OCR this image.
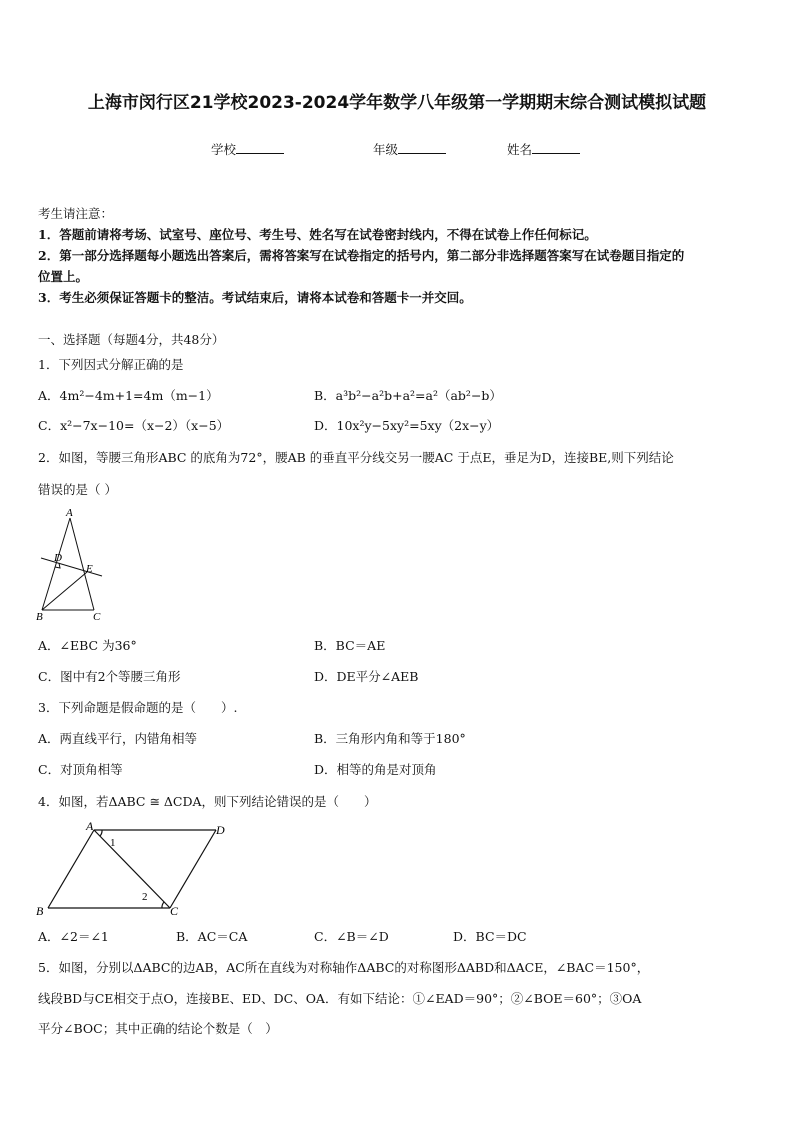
上海市闵行区21学校2023-2024学年数学八年级第一学期期末综合测试模拟试题
学校	年级	姓名
考生请注意：
1．答题前请将考场、试室号、座位号、考生号、姓名写在试卷密封线内，不得在试卷上作任何标记。
2．第一部分选择题每小题选出答案后，需将答案写在试卷指定的括号内，第二部分非选择题答案写在试卷题目指定的
位置上。
3．考生必须保证答题卡的整洁。考试结束后，请将本试卷和答题卡一并交回。
一、选择题（每题4分，共48分）
1．下列因式分解正确的是
A．4m²−4m+1=4m（m−1）	B．a³b²−a²b+a²=a²（ab²−b）
C．x²−7x−10=（x−2）（x−5）	D．10x²y−5xy²=5xy（2x−y）
2．如图，等腰三角形ABC 的底角为72°，腰AB 的垂直平分线交另一腰AC 于点E，垂足为D，连接BE,则下列结论
错误的是（ ）
A
D
E
B	C
A．∠EBC 为36°	B．BC＝AE
C．图中有2个等腰三角形	D．DE平分∠AEB
3．下列命题是假命题的是（　　）.
A．两直线平行，内错角相等	B．三角形内角和等于180°
C．对顶角相等	D．相等的角是对顶角
4．如图，若ΔABC ≅ ΔCDA，则下列结论错误的是（　　）
A	D
B	C
1
2
A．∠2＝∠1	B．AC＝CA	C．∠B＝∠D	D．BC＝DC
5．如图，分别以ΔABC的边AB，AC所在直线为对称轴作ΔABC的对称图形ΔABD和ΔACE，∠BAC＝150°，
线段BD与CE相交于点O，连接BE、ED、DC、OA．有如下结论：①∠EAD＝90°；②∠BOE＝60°；③OA
平分∠BOC；其中正确的结论个数是（　）
